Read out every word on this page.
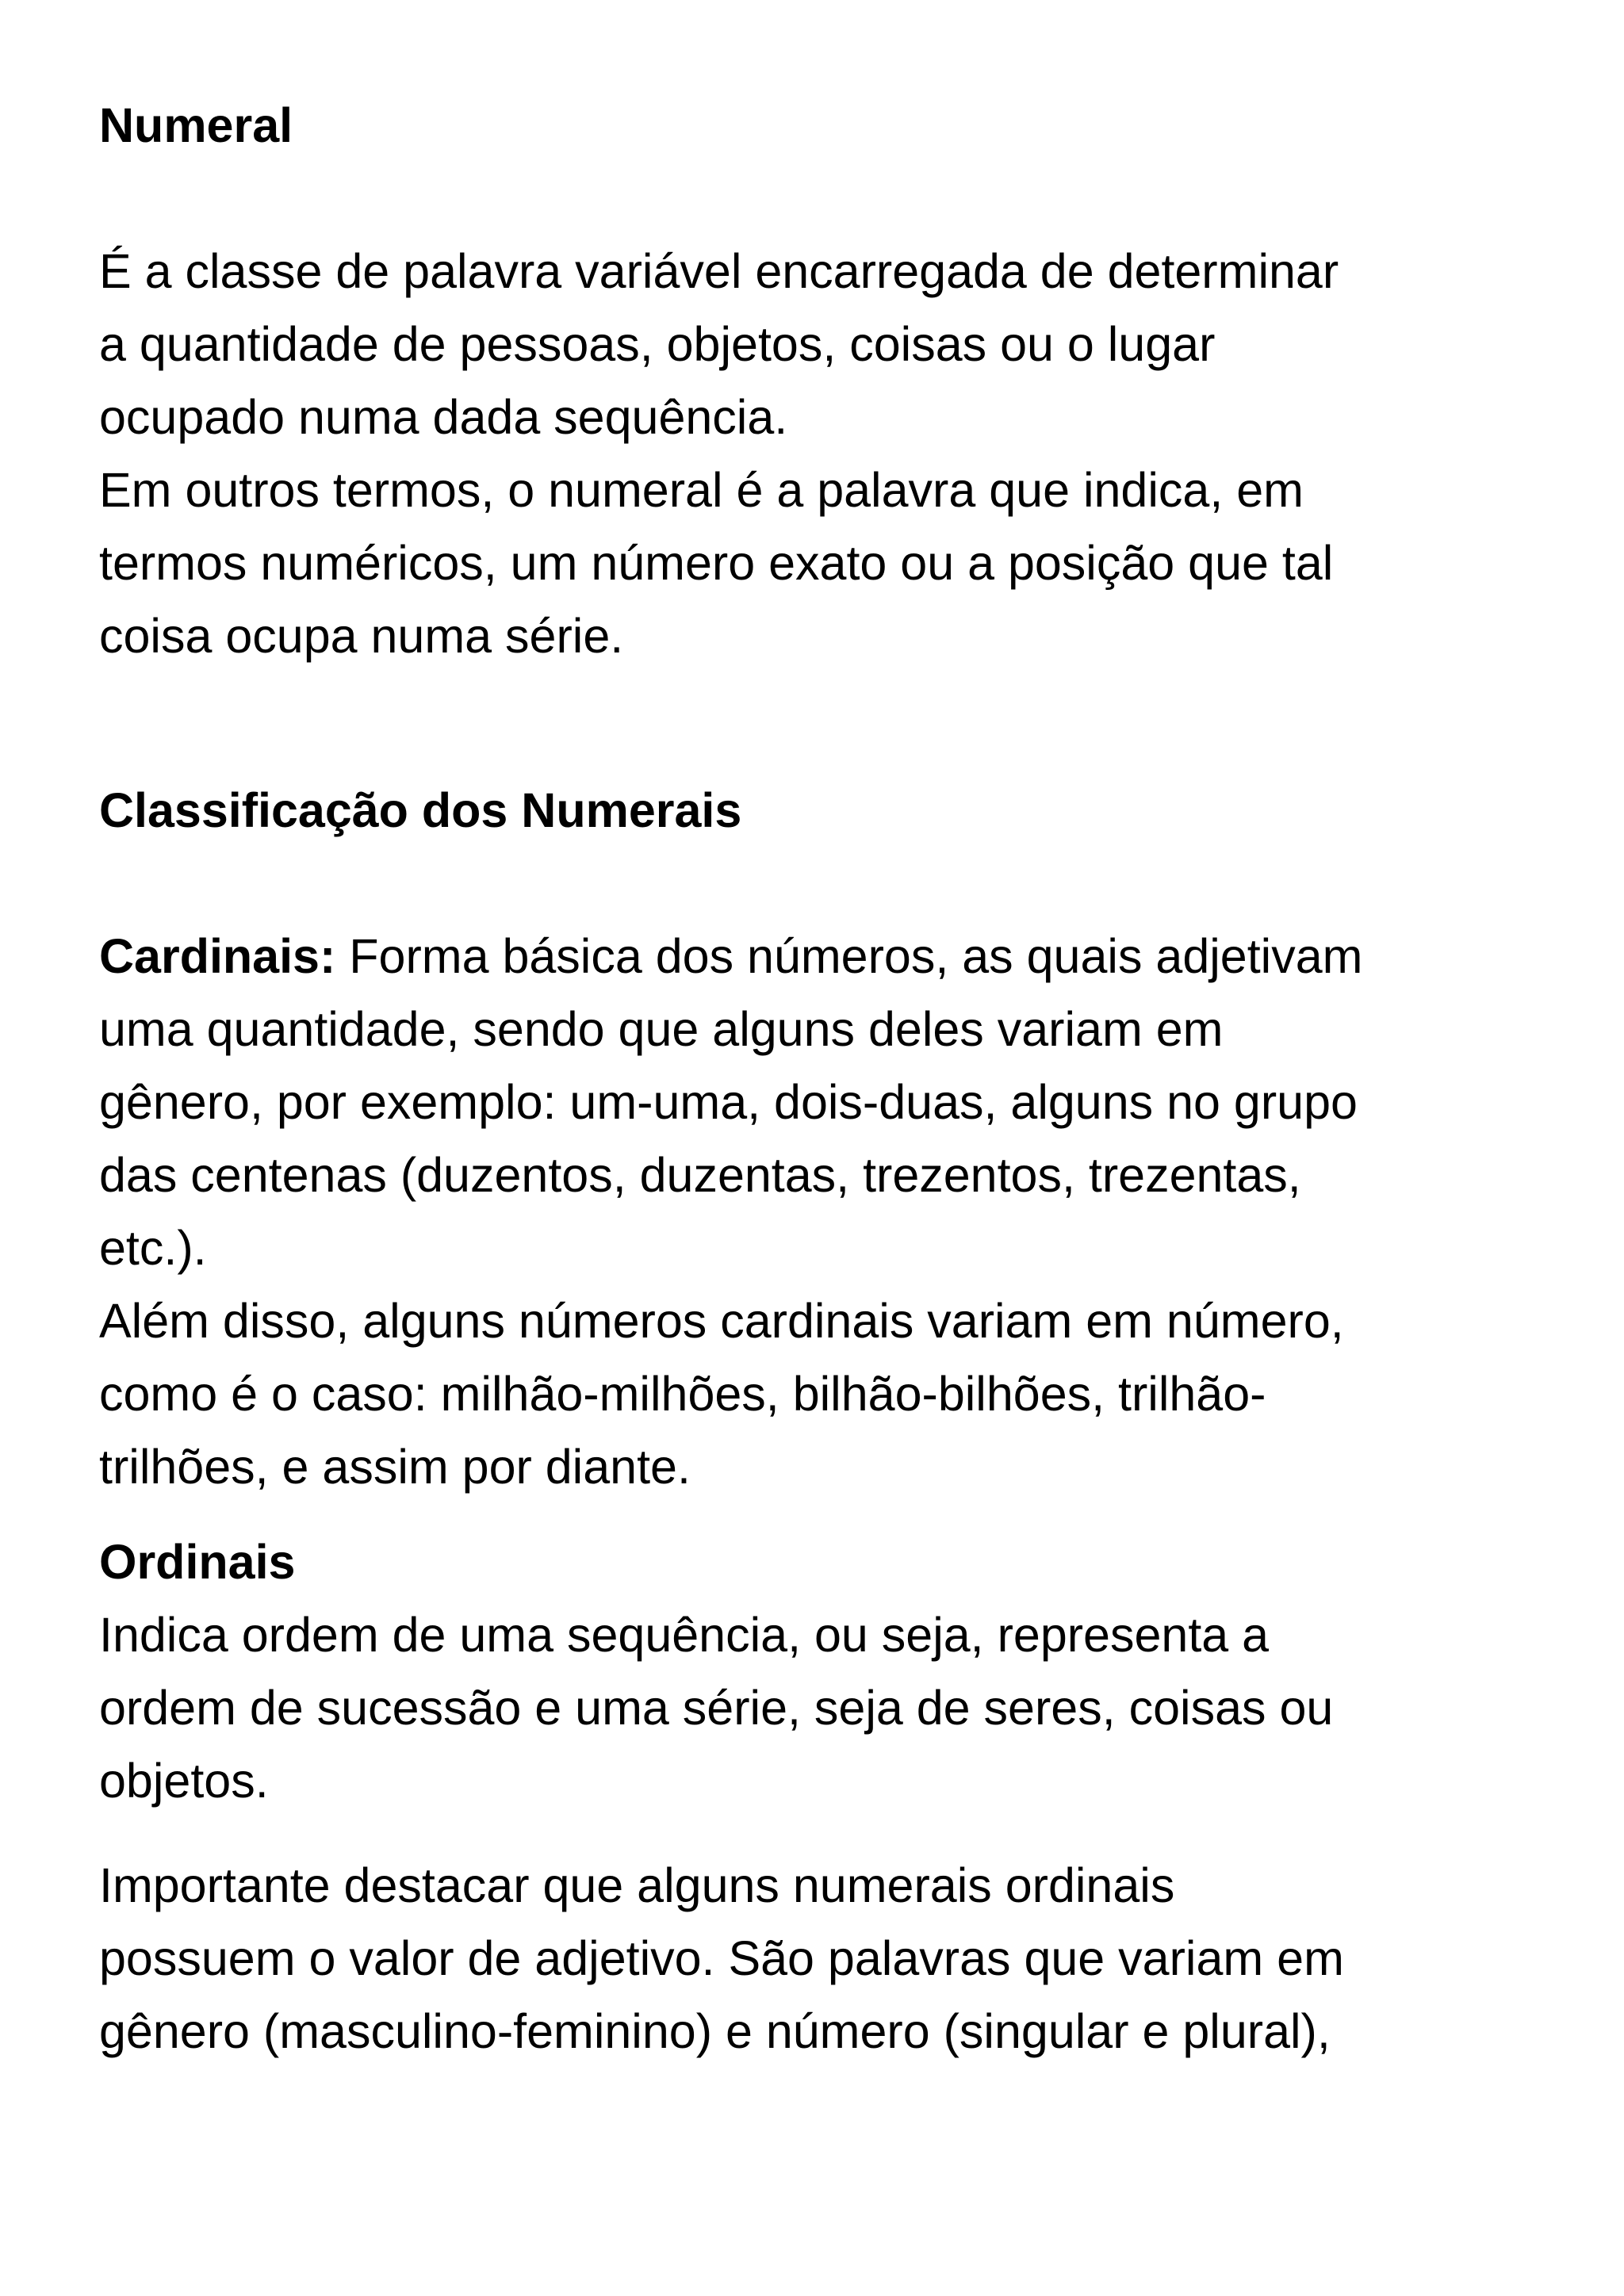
Numeral
É a classe de palavra variável encarregada de determinar
a quantidade de pessoas, objetos, coisas ou o lugar
ocupado numa dada sequência.
Em outros termos, o numeral é a palavra que indica, em
termos numéricos, um número exato ou a posição que tal
coisa ocupa numa série.
Classificação dos Numerais
Cardinais: Forma básica dos números, as quais adjetivam
uma quantidade, sendo que alguns deles variam em
gênero, por exemplo: um-uma, dois-duas, alguns no grupo
das centenas (duzentos, duzentas, trezentos, trezentas,
etc.).
Além disso, alguns números cardinais variam em número,
como é o caso: milhão-milhões, bilhão-bilhões, trilhão-
trilhões, e assim por diante.
Ordinais
Indica ordem de uma sequência, ou seja, representa a
ordem de sucessão e uma série, seja de seres, coisas ou
objetos.
Importante destacar que alguns numerais ordinais
possuem o valor de adjetivo. São palavras que variam em
gênero (masculino-feminino) e número (singular e plural),
